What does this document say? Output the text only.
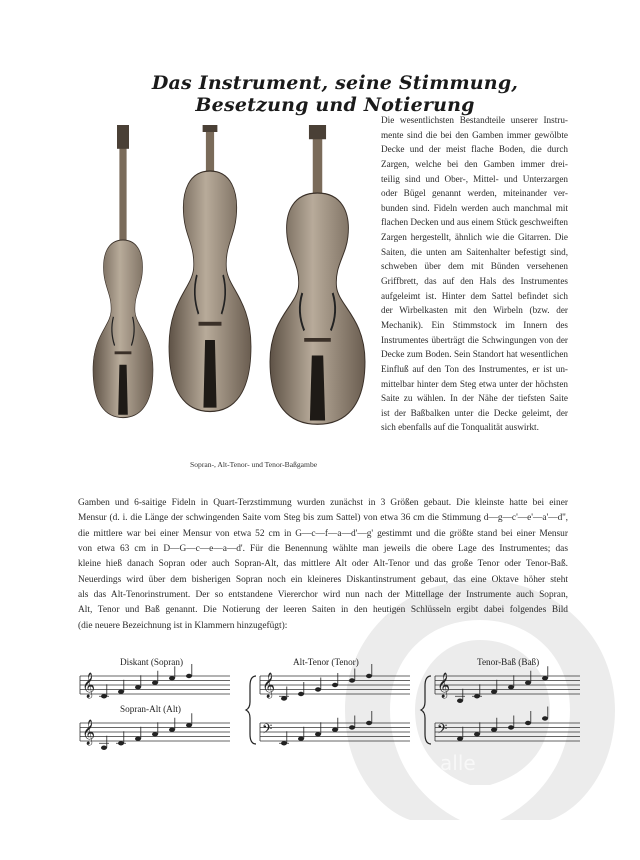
alle
Das Instrument, seine Stimmung, Besetzung und Notierung
Die wesentlichsten Bestandteile unserer Instru-
mente sind die bei den Gamben immer gewölbte
Decke und der meist flache Boden, die durch
Zargen, welche bei den Gamben immer drei-
teilig sind und Ober-, Mittel- und Unterzargen
oder Bügel genannt werden, miteinander ver-
bunden sind. Fideln werden auch manchmal mit
flachen Decken und aus einem Stück geschweiften
Zargen hergestellt, ähnlich wie die Gitarren. Die
Saiten, die unten am Saitenhalter befestigt sind,
schweben über dem mit Bünden versehenen
Griffbrett, das auf den Hals des Instrumentes
aufgeleimt ist. Hinter dem Sattel befindet sich
der Wirbelkasten mit den Wirbeln (bzw. der
Mechanik). Ein Stimmstock im Innern des
Instrumentes überträgt die Schwingungen von der
Decke zum Boden. Sein Standort hat wesentlichen
Einfluß auf den Ton des Instrumentes, er ist un-
mittelbar hinter dem Steg etwa unter der höchsten
Saite zu wählen. In der Nähe der tiefsten Saite
ist der Baßbalken unter die Decke geleimt, der
sich ebenfalls auf die Tonqualität auswirkt.
Sopran-, Alt-Tenor- und Tenor-Baßgambe
Gamben und 6-saitige Fideln in Quart-Terzstimmung wurden zunächst in 3 Größen gebaut. Die kleinste hatte bei einer
Mensur (d. i. die Länge der schwingenden Saite vom Steg bis zum Sattel) von etwa 36 cm die Stimmung d—g—c'—e'—a'—d'',
die mittlere war bei einer Mensur von etwa 52 cm in G—c—f—a—d'—g' gestimmt und die größte stand bei einer Mensur
von etwa 63 cm in D—G—c—e—a—d'. Für die Benennung wählte man jeweils die obere Lage des Instrumentes; das
kleine hieß danach Sopran oder auch Sopran-Alt, das mittlere Alt oder Alt-Tenor und das große Tenor oder Tenor-Baß.
Neuerdings wird über dem bisherigen Sopran noch ein kleineres Diskantinstrument gebaut, das eine Oktave höher steht
als das Alt-Tenorinstrument. Der so entstandene Viererchor wird nun nach der Mittellage der Instrumente auch Sopran,
Alt, Tenor und Baß genannt. Die Notierung der leeren Saiten in den heutigen Schlüsseln ergibt dabei folgendes Bild
(die neuere Bezeichnung ist in Klammern hinzugefügt):
Diskant (Sopran)
Sopran-Alt (Alt)
Alt-Tenor (Tenor)	Tenor-Baß (Baß)
𝄞
𝄞
𝄞
𝄢
𝄞
𝄢
